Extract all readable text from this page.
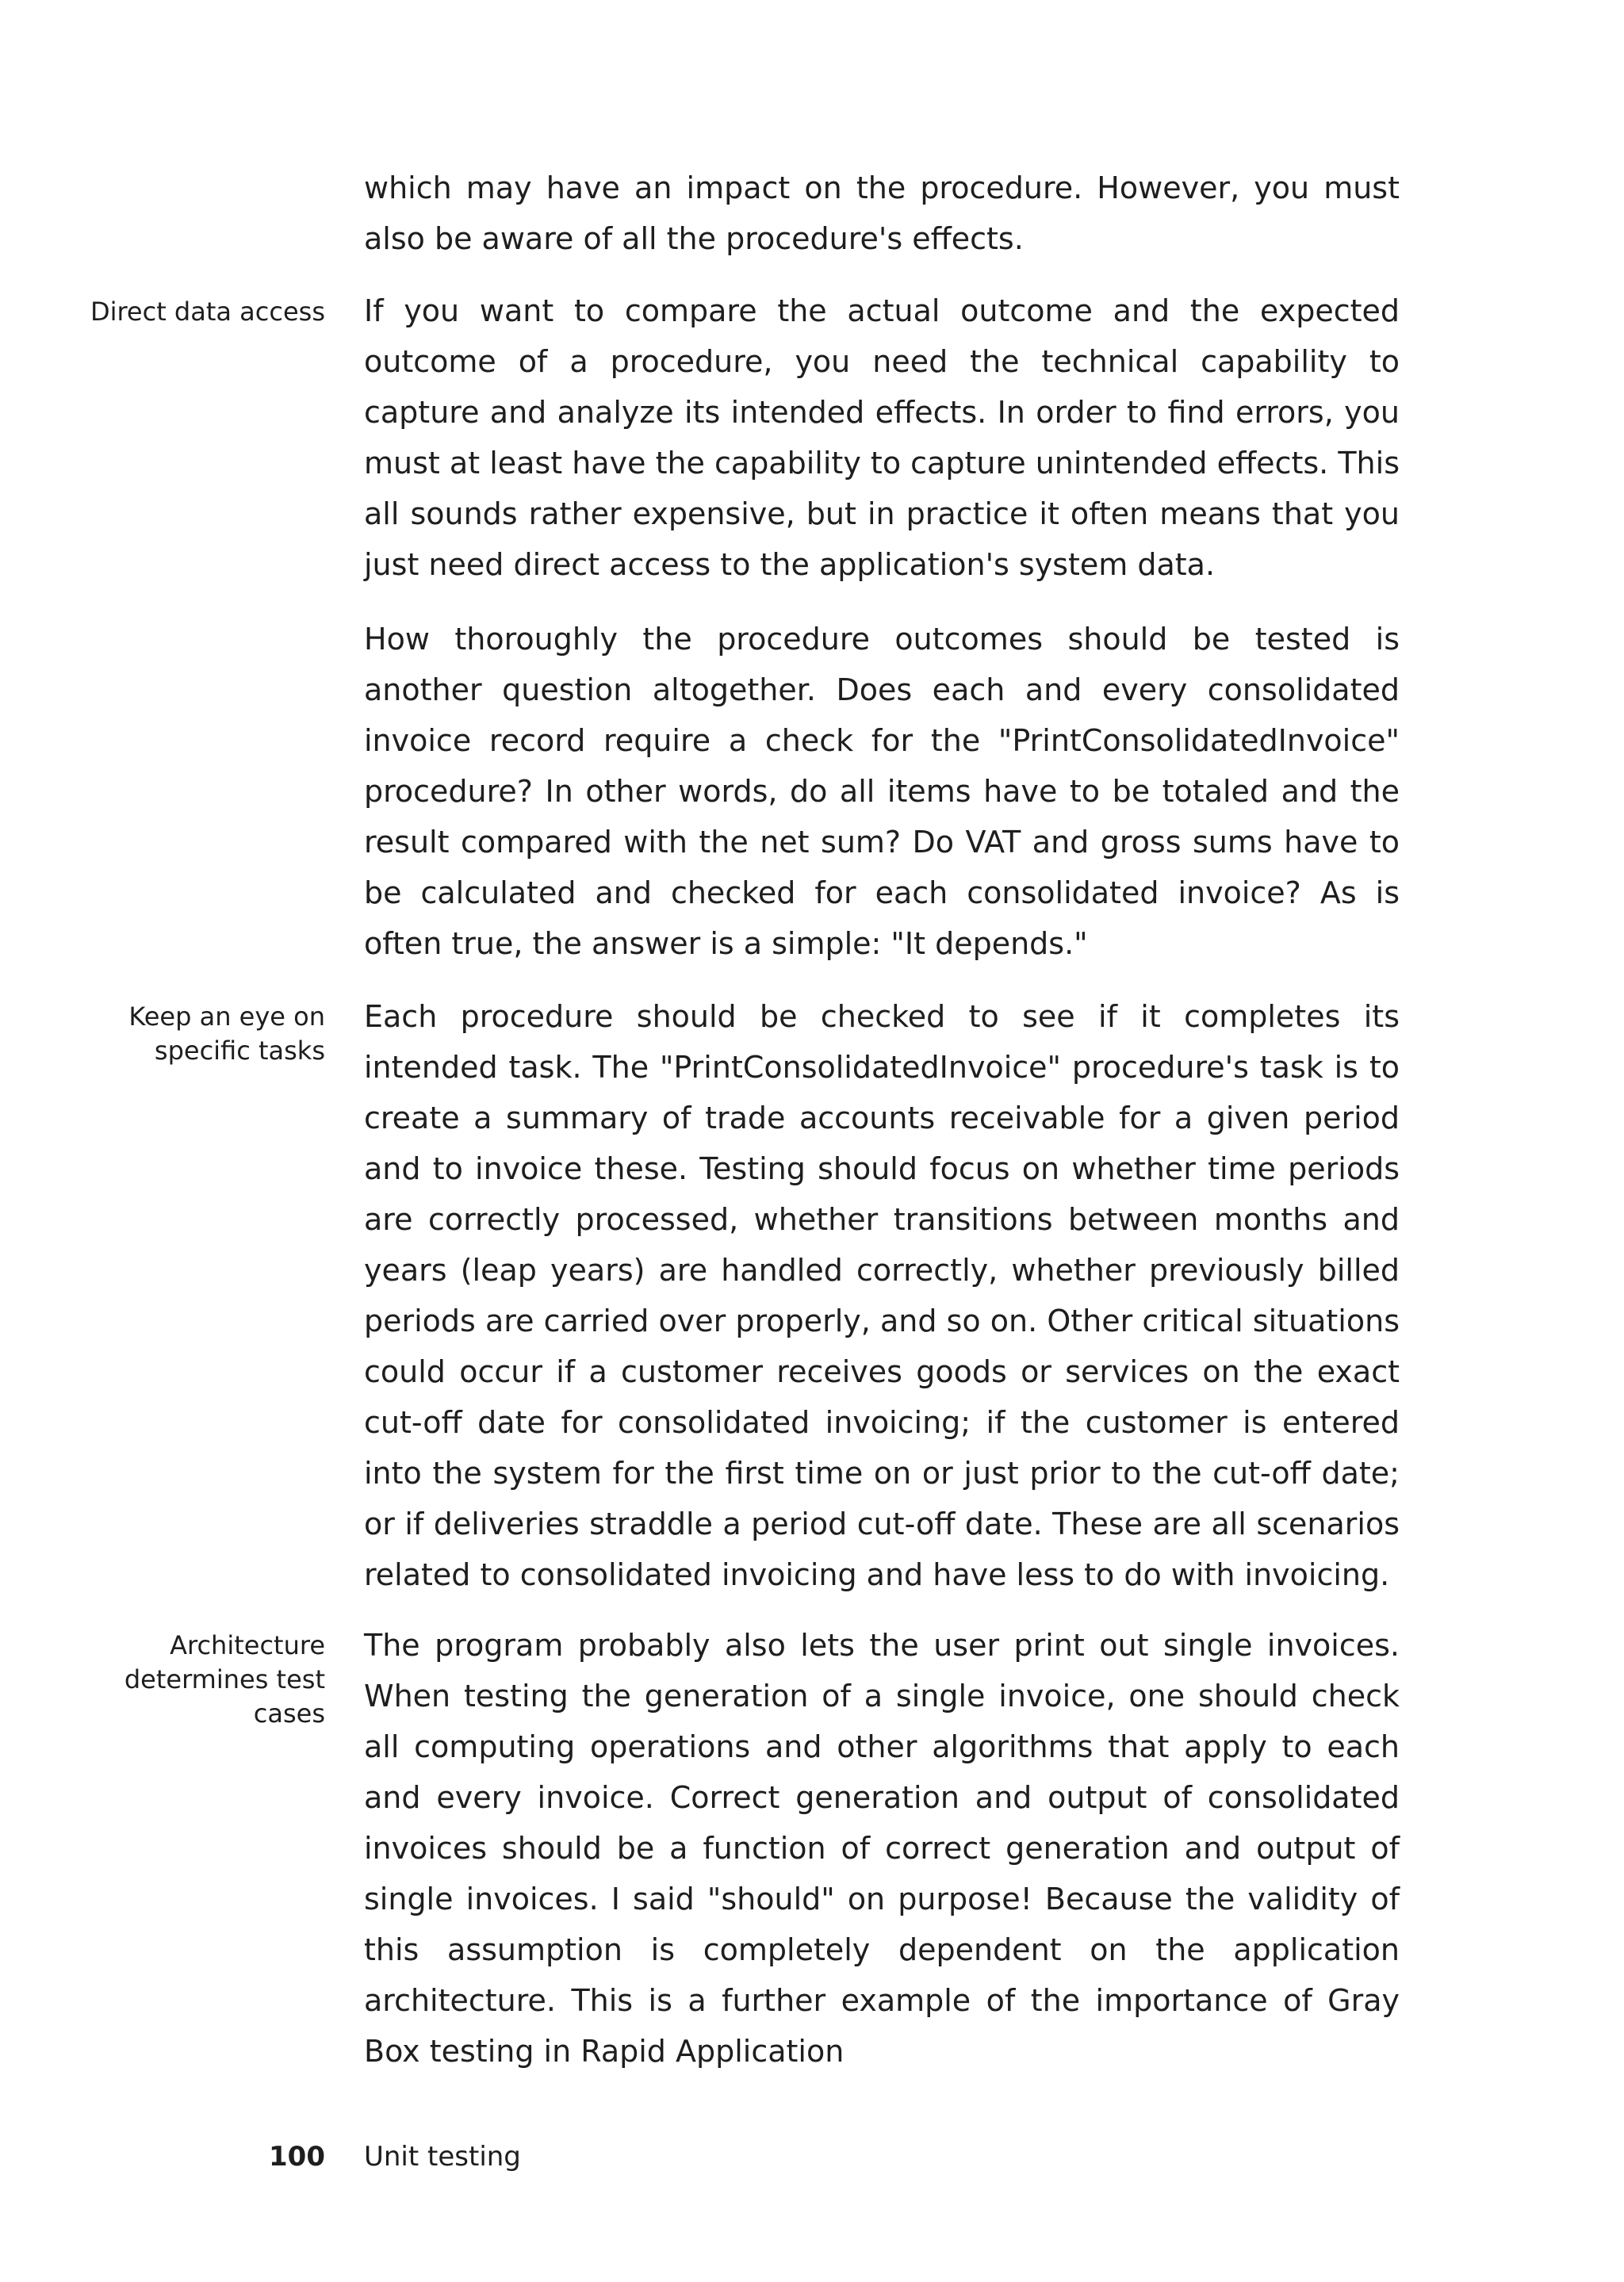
which may have an impact on the procedure. However, you must also be aware of all the procedure's effects.

Direct data access If you want to compare the actual outcome and the expected outcome of a procedure, you need the technical capability to capture and analyze its intended effects. In order to find errors, you must at least have the capability to capture unintended effects. This all sounds rather expensive, but in practice it often means that you just need direct access to the application's system data.

How thoroughly the procedure outcomes should be tested is another question altogether. Does each and every consolidated invoice record require a check for the "PrintConsolidatedInvoice" procedure? In other words, do all items have to be totaled and the result compared with the net sum? Do VAT and gross sums have to be calculated and checked for each consolidated invoice? As is often true, the answer is a simple: "It depends."

Keep an eye on specific tasks

Each procedure should be checked to see if it completes its intended task. The "PrintConsolidatedInvoice" procedure's task is to create a summary of trade accounts receivable for a given period and to invoice these. Testing should focus on whether time periods are correctly processed, whether transitions between months and years (leap years) are handled correctly, whether previously billed periods are carried over properly, and so on. Other critical situations could occur if a customer receives goods or services on the exact cut-off date for consolidated invoicing; if the customer is entered into the system for the first time on or just prior to the cut-off date; or if deliveries straddle a period cut-off date. These are all scenarios related to consolidated invoicing and have less to do with invoicing.

Architecture determines test cases

The program probably also lets the user print out single invoices. When testing the generation of a single invoice, one should check all computing operations and other algorithms that apply to each and every invoice. Correct generation and output of consolidated invoices should be a function of correct generation and output of single invoices. I said "should" on purpose! Because the validity of this assumption is completely dependent on the application architecture. This is a further example of the importance of Gray Box testing in Rapid Application

100 Unit testing
